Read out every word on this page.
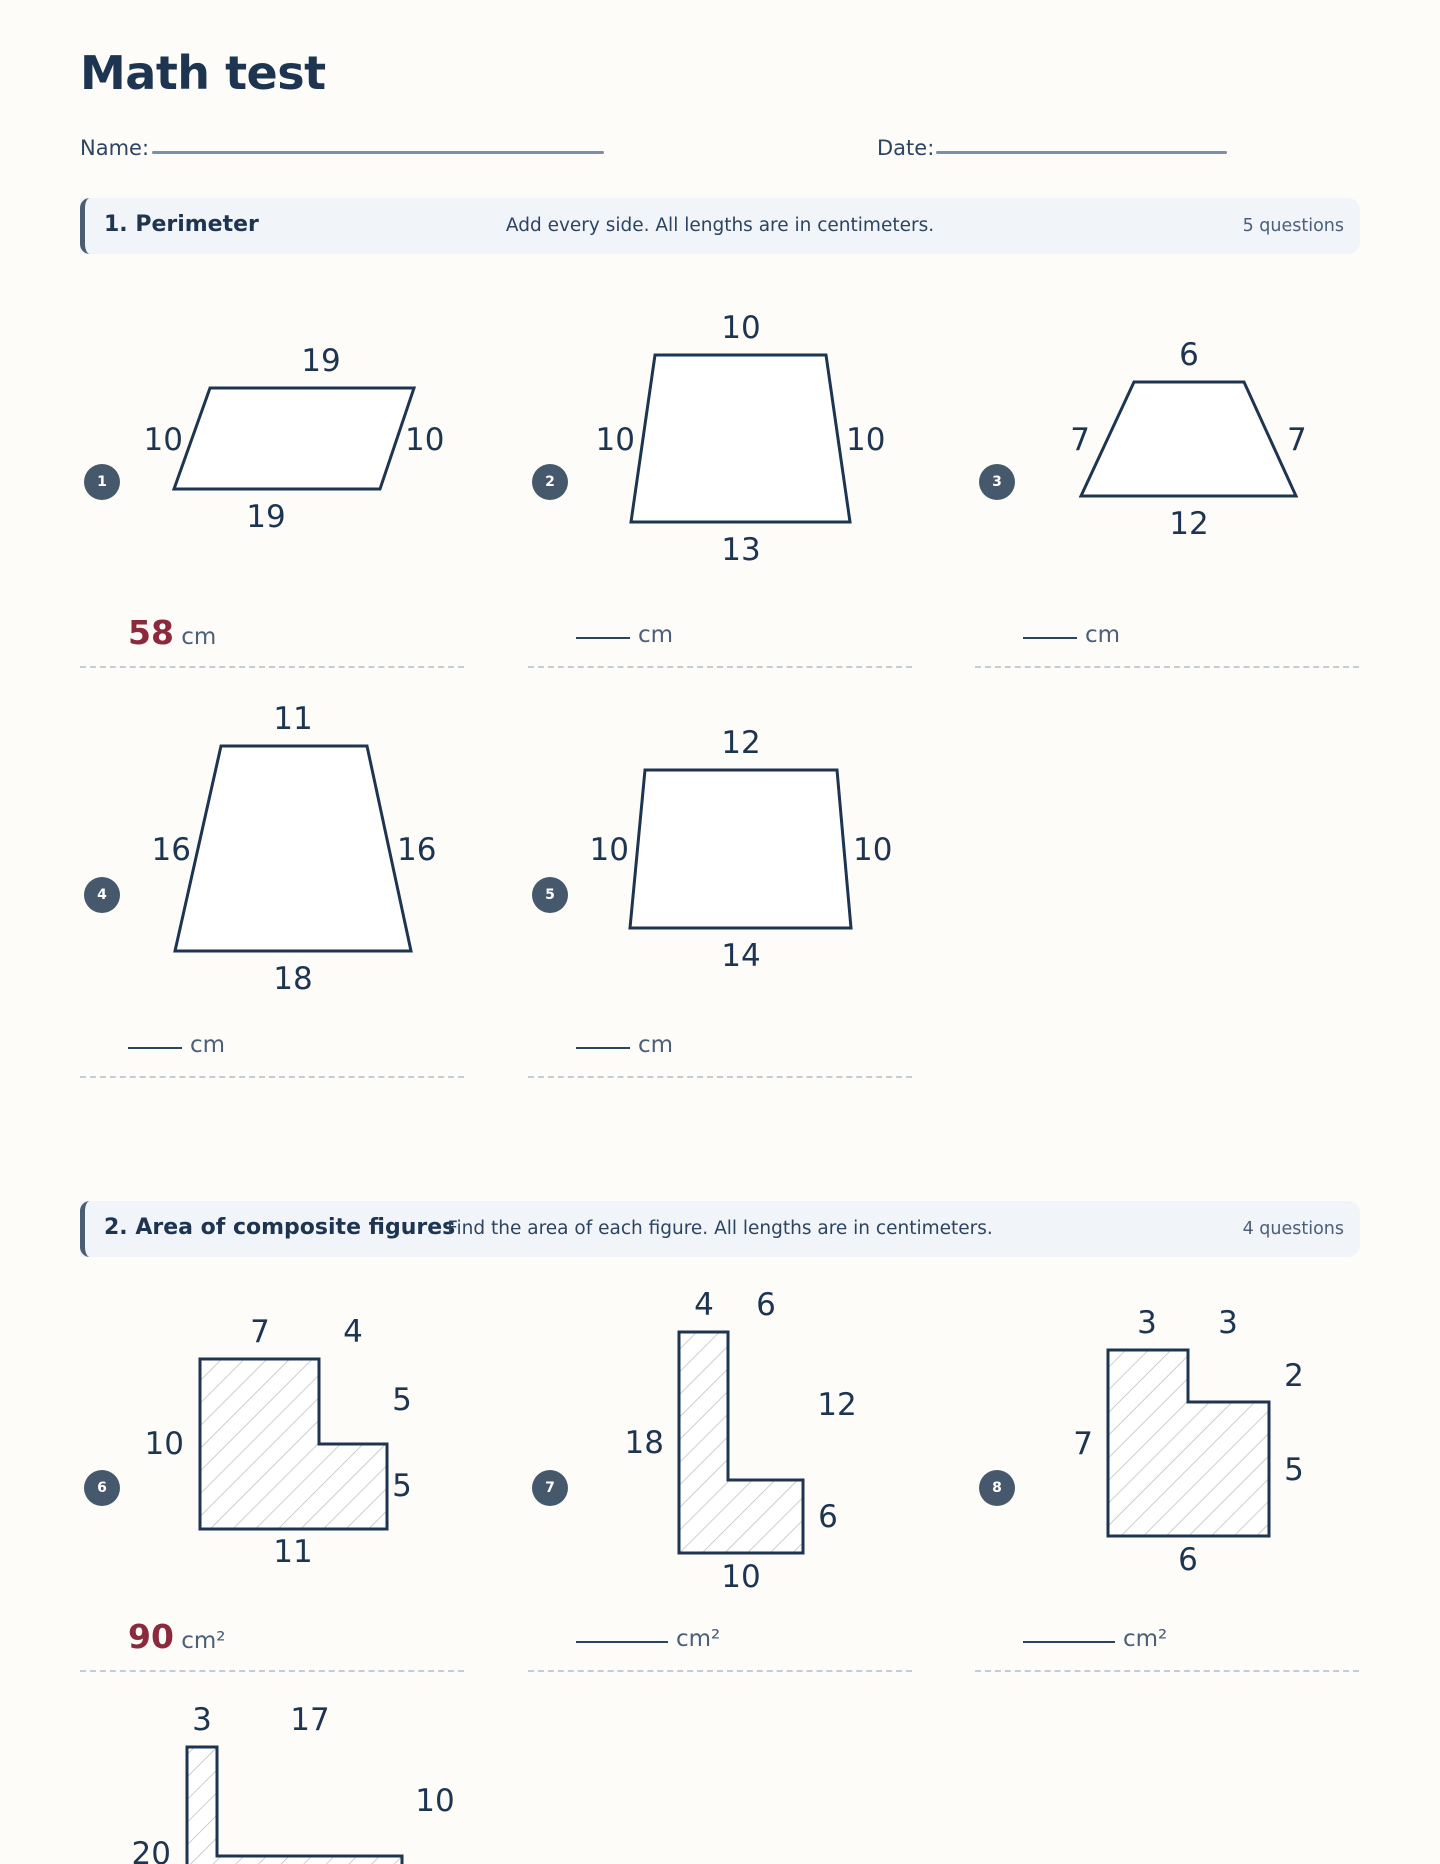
Math test
Name:	Date:
1. Perimeter	Add every side. All lengths are in centimeters.	5 questions
1
19
19
10	10
58 cm
2
10
13
10	10
cm
3
6
12
7	7
cm
4
11
18
16	16
cm
5
12
14
10	10
cm
2. Area of composite figures
Find the area of each figure. All lengths are in centimeters.	4 questions
6
7 4
5
5
10
11
90 cm²
7
4 6
12
6
18
10
cm²
8
3 3
2
5
7
6
cm²
3	17
10
20
